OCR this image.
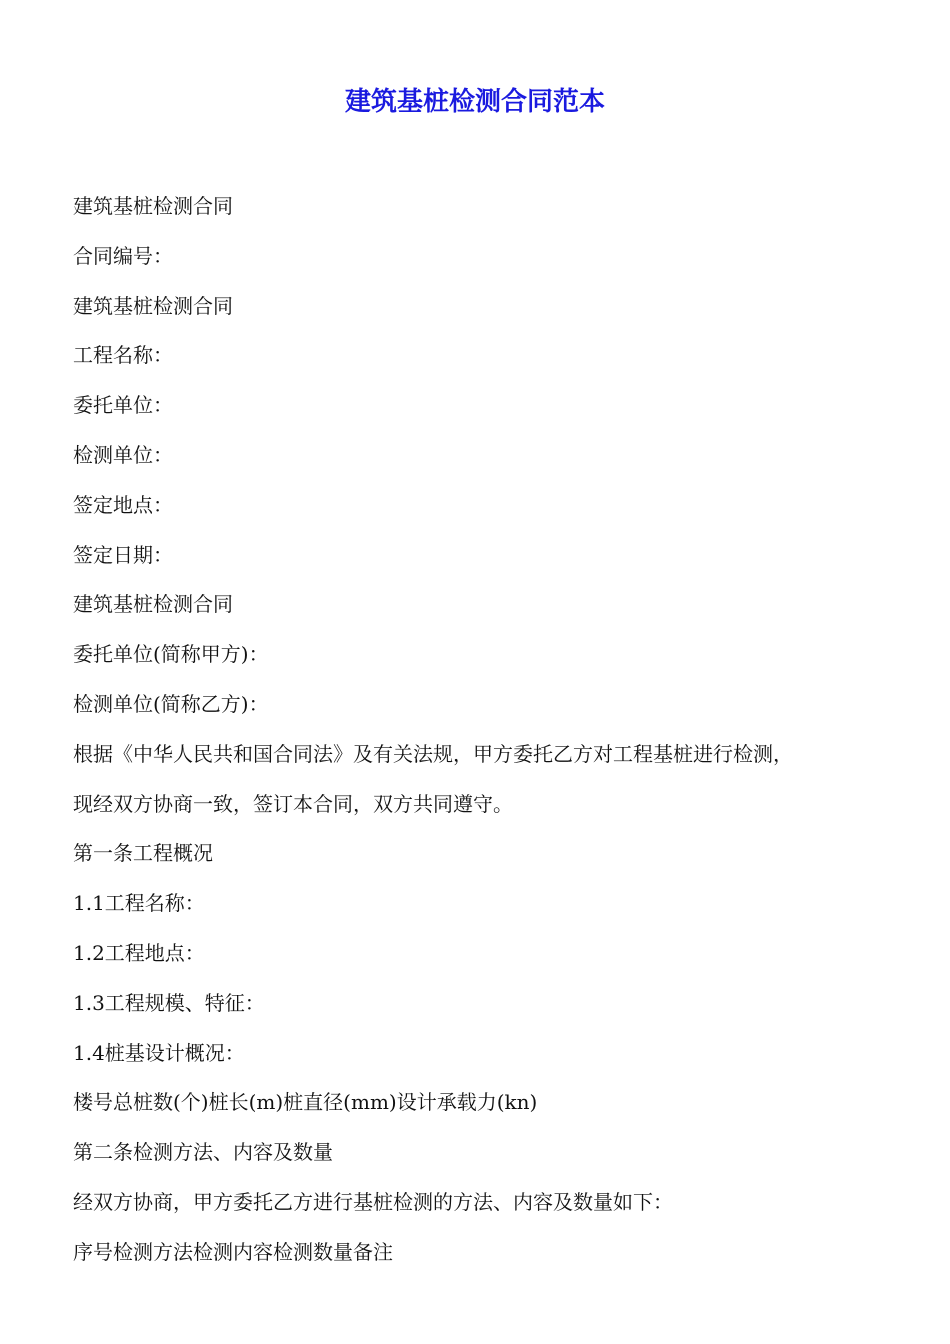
建筑基桩检测合同范本

建筑基桩检测合同

合同编号：

建筑基桩检测合同

工程名称：

委托单位：

检测单位：

签定地点：

签定日期：

建筑基桩检测合同

委托单位(简称甲方)：

检测单位(简称乙方)：

根据《中华人民共和国合同法》及有关法规，甲方委托乙方对工程基桩进行检测，

现经双方协商一致，签订本合同，双方共同遵守。

第一条工程概况

1.1工程名称：

1.2工程地点：

1.3工程规模、特征：

1.4桩基设计概况：

楼号总桩数(个)桩长(m)桩直径(mm)设计承载力(kn)

第二条检测方法、内容及数量

经双方协商，甲方委托乙方进行基桩检测的方法、内容及数量如下：

序号检测方法检测内容检测数量备注
